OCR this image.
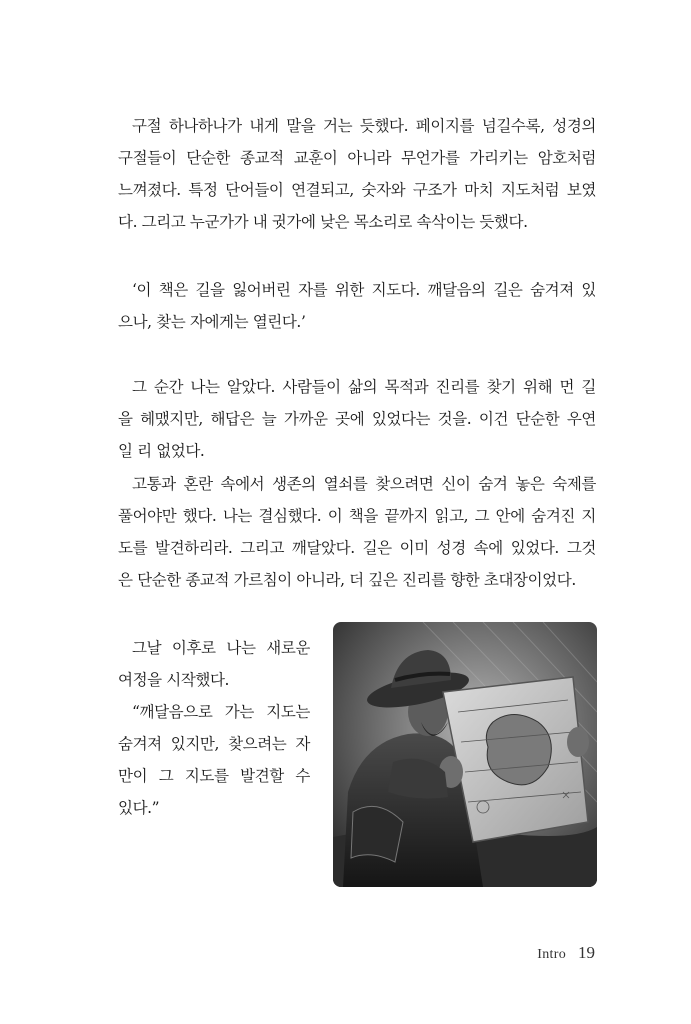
구절 하나하나가 내게 말을 거는 듯했다. 페이지를 넘길수록, 성경의
구절들이 단순한 종교적 교훈이 아니라 무언가를 가리키는 암호처럼
느껴졌다. 특정 단어들이 연결되고, 숫자와 구조가 마치 지도처럼 보였
다. 그리고 누군가가 내 귓가에 낮은 목소리로 속삭이는 듯했다.
‘이 책은 길을 잃어버린 자를 위한 지도다. 깨달음의 길은 숨겨져 있
으나, 찾는 자에게는 열린다.’
그 순간 나는 알았다. 사람들이 삶의 목적과 진리를 찾기 위해 먼 길
을 헤맸지만, 해답은 늘 가까운 곳에 있었다는 것을. 이건 단순한 우연
일 리 없었다.
고통과 혼란 속에서 생존의 열쇠를 찾으려면 신이 숨겨 놓은 숙제를
풀어야만 했다. 나는 결심했다. 이 책을 끝까지 읽고, 그 안에 숨겨진 지
도를 발견하리라. 그리고 깨달았다. 길은 이미 성경 속에 있었다. 그것
은 단순한 종교적 가르침이 아니라, 더 깊은 진리를 향한 초대장이었다.
그날 이후로 나는 새로운
여정을 시작했다.
“깨달음으로 가는 지도는
숨겨져 있지만, 찾으려는 자
만이 그 지도를 발견할 수
있다.”
Intro 19
